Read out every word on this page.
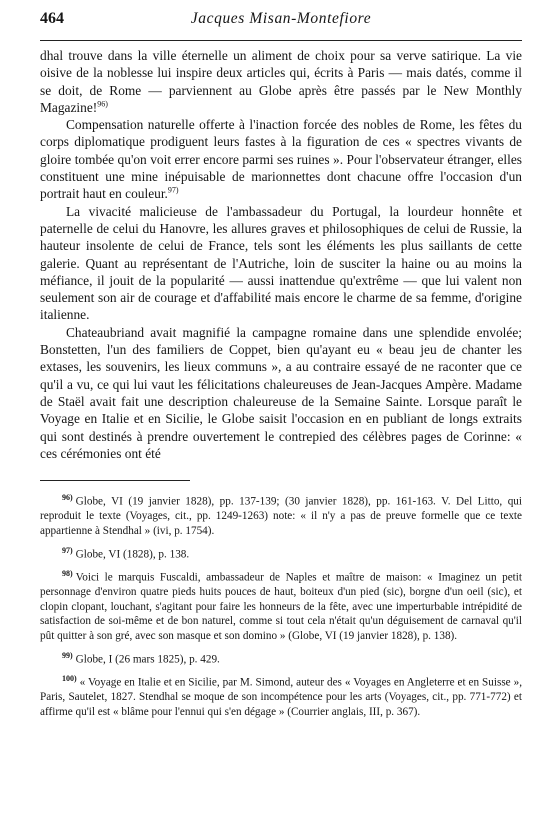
464	Jacques Misan-Montefiore

dhal trouve dans la ville éternelle un aliment de choix pour sa verve satirique. La vie oisive de la noblesse lui inspire deux articles qui, écrits à Paris — mais datés, comme il se doit, de Rome — parviennent au Globe après être passés par le New Monthly Magazine!$^{96)}$

Compensation naturelle offerte à l'inaction forcée des nobles de Rome, les fêtes du corps diplomatique prodiguent leurs fastes à la figuration de ces « spectres vivants de gloire tombée qu'on voit errer encore parmi ses ruines ». Pour l'observateur étranger, elles constituent une mine inépuisable de marionnettes dont chacune offre l'occasion d'un portrait haut en couleur.$^{97)}$

La vivacité malicieuse de l'ambassadeur du Portugal, la lourdeur honnête et paternelle de celui du Hanovre, les allures graves et philosophiques de celui de Russie, la hauteur insolente de celui de France, tels sont les éléments les plus saillants de cette galerie. Quant au représentant de l'Autriche, loin de susciter la haine ou au moins la méfiance, il jouit de la popularité — aussi inattendue qu'extrême — que lui valent non seulement son air de courage et d'affabilité mais encore le charme de sa femme, d'origine italienne.

Chateaubriand avait magnifié la campagne romaine dans une splendide envolée; Bonstetten, l'un des familiers de Coppet, bien qu'ayant eu « beau jeu de chanter les extases, les souvenirs, les lieux communs », a au contraire essayé de ne raconter que ce qu'il a vu, ce qui lui vaut les félicitations chaleureuses de Jean-Jacques Ampère. Madame de Staël avait fait une description chaleureuse de la Semaine Sainte. Lorsque paraît le Voyage en Italie et en Sicilie, le Globe saisit l'occasion en en publiant de longs extraits qui sont destinés à prendre ouvertement le contrepied des célèbres pages de Corinne: « ces cérémonies ont été

$^{96)}$ Globe, VI (19 janvier 1828), pp. 137-139; (30 janvier 1828), pp. 161-163. V. Del Litto, qui reproduit le texte (Voyages, cit., pp. 1249-1263) note: « il n'y a pas de preuve formelle que ce texte appartienne à Stendhal » (ivi, p. 1754).

$^{97)}$ Globe, VI (1828), p. 138.

$^{98)}$ Voici le marquis Fuscaldi, ambassadeur de Naples et maître de maison: « Imaginez un petit personnage d'environ quatre pieds huits pouces de haut, boiteux d'un pied (sic), borgne d'un oeil (sic), et clopin clopant, louchant, s'agitant pour faire les honneurs de la fête, avec une imperturbable intrépidité de satisfaction de soi-même et de bon naturel, comme si tout cela n'était qu'un déguisement de carnaval qu'il pût quitter à son gré, avec son masque et son domino » (Globe, VI (19 janvier 1828), p. 138).

$^{99)}$ Globe, I (26 mars 1825), p. 429.

$^{100)}$ « Voyage en Italie et en Sicilie, par M. Simond, auteur des « Voyages en Angleterre et en Suisse », Paris, Sautelet, 1827. Stendhal se moque de son incompétence pour les arts (Voyages, cit., pp. 771-772) et affirme qu'il est « blâme pour l'ennui qui s'en dégage » (Courrier anglais, III, p. 367).
